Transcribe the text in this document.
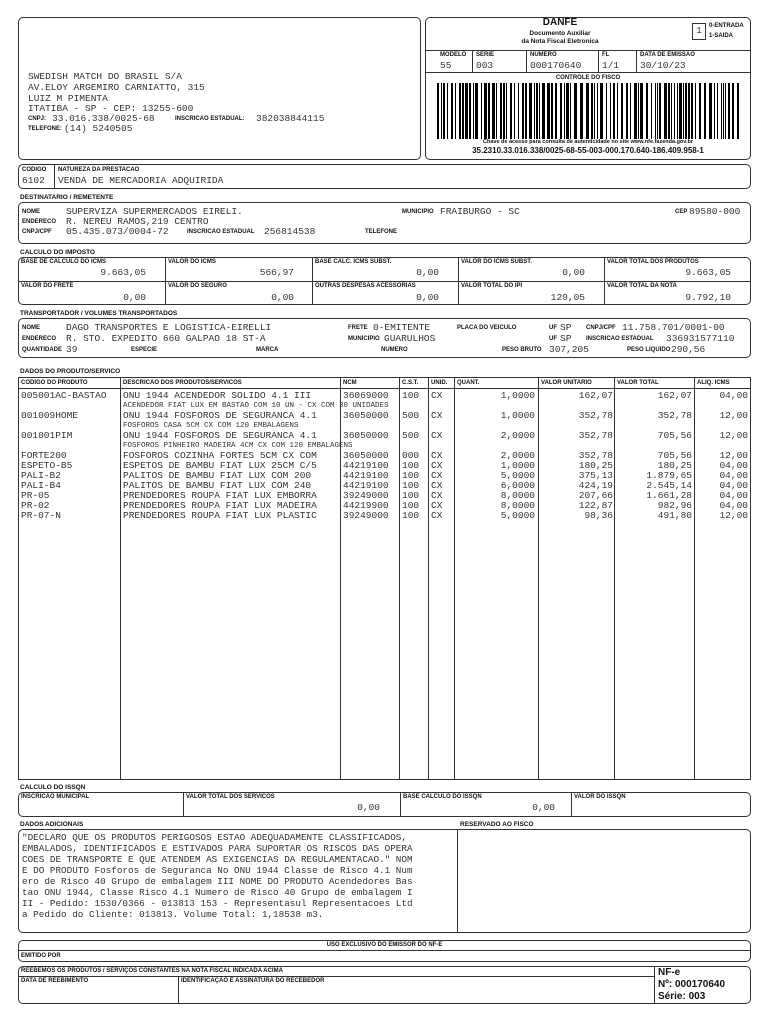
SWEDISH MATCH DO BRASIL S/A
AV.ELOY ARGEMIRO CARNIATTO, 315
LUIZ M PIMENTA
ITATIBA - SP - CEP: 13255-600
CNPJ: 33.016.338/0025-68	INSCRICAO ESTADUAL: 382038844115
TELEFONE: (14) 5240505
DANFE
Documento Auxiliar
da Nota Fiscal Eletronica
1	0-ENTRADA
1-SAIDA
MODELO
55
SERIE
003
NUMERO
000170640
FL
1/1
DATA DE EMISSAO
30/10/23
CONTROLE DO FISCO
Chave de acesso para consulta de autenticidade no site www.nfe.fazenda.gov.br
35.2310.33.016.338/0025-68-55-003-000.170.640-186.409.958-1
CODIGO
6102
NATUREZA DA PRESTACAO
VENDA DE MERCADORIA ADQUIRIDA
DESTINATARIO / REMETENTE
NOME	SUPERVIZA SUPERMERCADOS EIRELI.	MUNICIPIO FRAIBURGO - SC	CEP 89580-000
ENDERECO R. NEREU RAMOS,219 CENTRO
CNPJ/CPF 05.435.073/0004-72	INSCRICAO ESTADUAL 256814538	TELEFONE
CALCULO DO IMPOSTO
BASE DE CALCULO DO ICMS
9.663,05
VALOR DO ICMS
566,97
BASE CALC. ICMS SUBST.
0,00
VALOR DO ICMS SUBST.
0,00
VALOR TOTAL DOS PRODUTOS
9.663,05
VALOR DO FRETE
0,00
VALOR DO SEGURO
0,00
OUTRAS DESPESAS ACESSORIAS
0,00
VALOR TOTAL DO IPI
129,05
VALOR TOTAL DA NOTA
9.792,10
TRANSPORTADOR / VOLUMES TRANSPORTADOS
NOME	DAGO TRANSPORTES E LOGISTICA-EIRELLI	FRETE 0-EMITENTE	PLACA DO VEICULO	UF SP CNPJ/CPF 11.758.701/0001-00
ENDERECO R. STO. EXPEDITO 660 GALPAO 18 ST-A	MUNICIPIO GUARULHOS	UF SP INSCRICAO ESTADUAL 336931577110
QUANTIDADE 39	ESPECIE	MARCA	NUMERO	PESO BRUTO 307,205	PESO LIQUIDO 290,56
DADOS DO PRODUTO/SERVICO
CODIGO DO PRODUTO	DESCRICAO DOS PRODUTOS/SERVICOS	NCM	C.S.T. UNID. QUANT.	VALOR UNITARIO	VALOR TOTAL	ALIQ. ICMS
005001AC-BASTAO	ONU 1944 ACENDEDOR SOLIDO 4.1 III	36069000	100	CX	1,0000	162,07	162,07	04,00
ACENDEDOR FIAT LUX EM BASTAO COM 10 UN - CX COM 30 UNIDADES
001009HOME	ONU 1944 FOSFOROS DE SEGURANCA 4.1	36050000	500	CX	1,0000	352,78	352,78	12,00
FOSFOROS CASA 5CM CX COM 120 EMBALAGENS
001001PIM	ONU 1944 FOSFOROS DE SEGURANCA 4.1	36050000	500	CX	2,0000	352,78	705,56	12,00
FOSFOROS PINHEIRO MADEIRA 4CM CX COM 120 EMBALAGENS
FORTE200	FOSFOROS COZINHA FORTES 5CM CX COM	36050000	000	CX	2,0000	352,78	705,56	12,00
ESPETO-B5	ESPETOS DE BAMBU FIAT LUX 25CM C/5	44219100	100	CX	1,0000	180,25	180,25	04,00
PALI-B2	PALITOS DE BAMBU FIAT LUX COM 200	44219100	100	CX	5,0000	375,13	1.879,65	04,00
PALI-B4	PALITOS DE BAMBU FIAT LUX COM 240	44219100	100	CX	6,0000	424,19	2.545,14	04,00
PR-05	PRENDEDORES ROUPA FIAT LUX EMBORRA	39249000	100	CX	8,0000	207,66	1.661,28	04,00
PR-02	PRENDEDORES ROUPA FIAT LUX MADEIRA	44219900	100	CX	8,0000	122,87	982,96	04,00
PR-07-N	PRENDEDORES ROUPA FIAT LUX PLASTIC	39249000	100	CX	5,0000	98,36	491,80	12,00
CALCULO DO ISSQN
INSCRICAO MUNICIPAL	VALOR TOTAL DOS SERVICOS
0,00
BASE CALCULO DO ISSQN
0,00
VALOR DO ISSQN
DADOS ADICIONAIS	RESERVADO AO FISCO
"DECLARO QUE OS PRODUTOS PERIGOSOS ESTAO ADEQUADAMENTE CLASSIFICADOS,
EMBALADOS, IDENTIFICADOS E ESTIVADOS PARA SUPORTAR OS RISCOS DAS OPERA
COES DE TRANSPORTE E QUE ATENDEM AS EXIGENCIAS DA REGULAMENTACAO." NOM
E DO PRODUTO Fosforos de Seguranca No ONU 1944 Classe de Risco 4.1 Num
ero de Risco 40 Grupo de embalagem III NOME DO PRODUTO Acendedores Bas
tao ONU 1944, Classe Risco 4.1 Numero de Risco 40 Grupo de embalagem I
II - Pedido: 1530/0366 - 013813 153 - Representasul Representacoes Ltd
a Pedido do Cliente: 013813. Volume Total: 1,18538 m3.
USO EXCLUSIVO DO EMISSOR DO NF-E
EMITIDO POR
REEBEMOS OS PRODUTOS / SERVIÇOS CONSTANTES NA NOTA FISCAL INDICADA ACIMA
DATA DE REEBIMENTO	IDENTIFICAÇÃO E ASSINATURA DO RECEBEDOR
NF-e
Nº: 000170640
Série: 003
